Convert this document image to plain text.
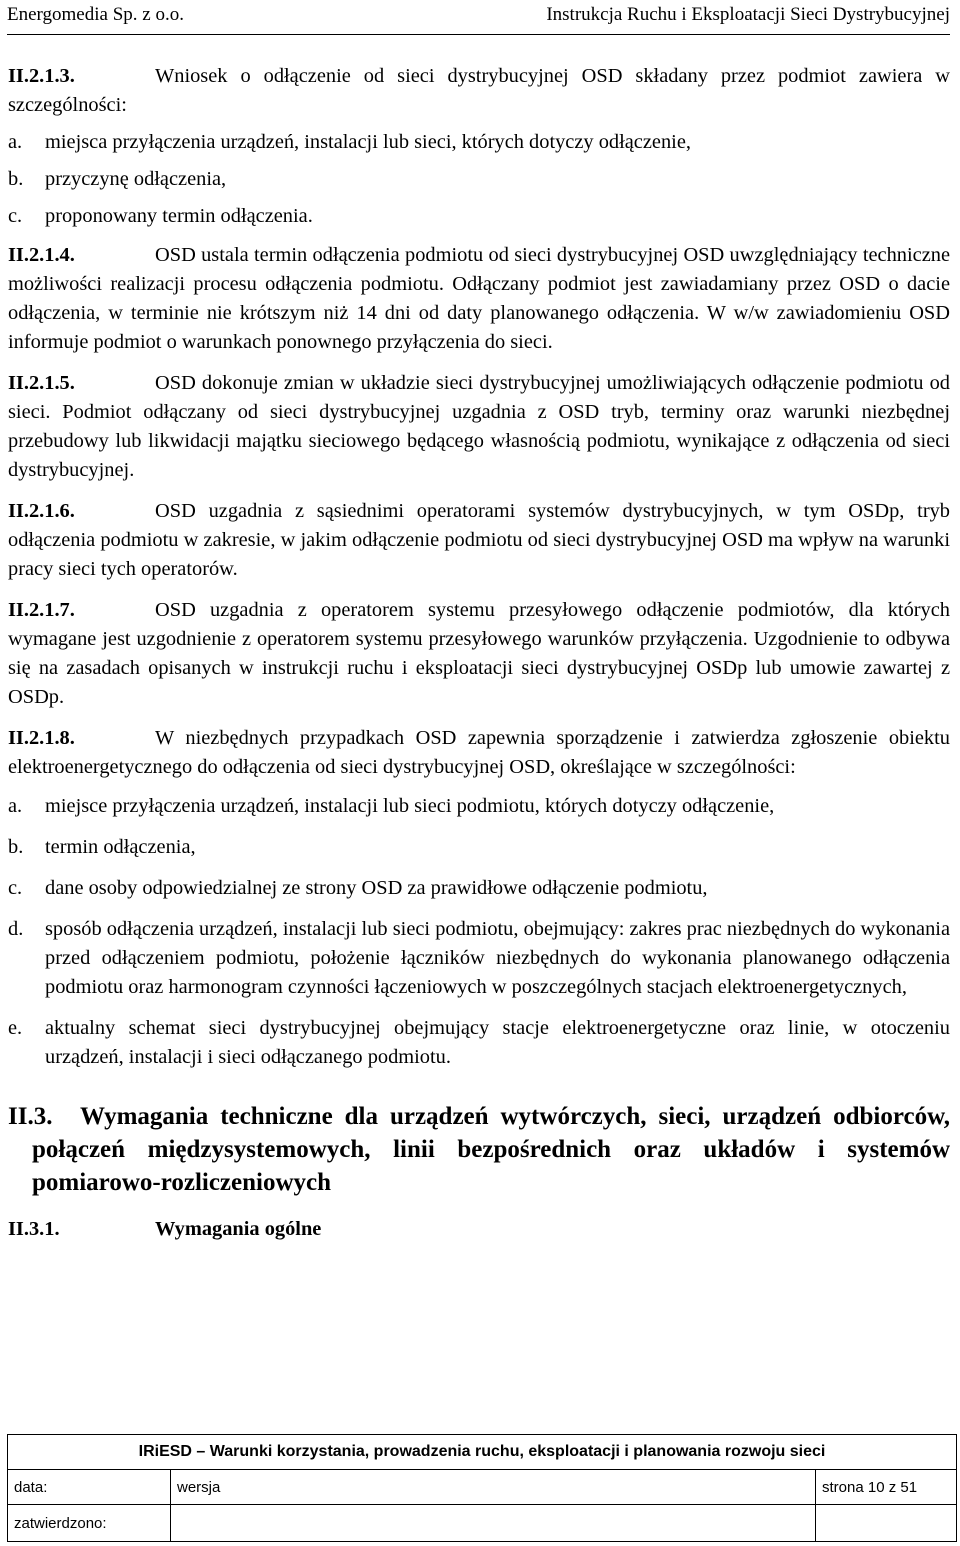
Energomedia Sp. z o.o.	Instrukcja Ruchu i Eksploatacji Sieci Dystrybucyjnej
II.2.1.3.	Wniosek o odłączenie od sieci dystrybucyjnej OSD składany przez podmiot zawiera w szczególności:
a. miejsca przyłączenia urządzeń, instalacji lub sieci, których dotyczy odłączenie,
b. przyczynę odłączenia,
c. proponowany termin odłączenia.
II.2.1.4.	OSD ustala termin odłączenia podmiotu od sieci dystrybucyjnej OSD uwzględniający techniczne możliwości realizacji procesu odłączenia podmiotu. Odłączany podmiot jest zawiadamiany przez OSD o dacie odłączenia, w terminie nie krótszym niż 14 dni od daty planowanego odłączenia. W w/w zawiadomieniu OSD informuje podmiot o warunkach ponownego przyłączenia do sieci.
II.2.1.5.	OSD dokonuje zmian w układzie sieci dystrybucyjnej umożliwiających odłączenie podmiotu od sieci. Podmiot odłączany od sieci dystrybucyjnej uzgadnia z OSD tryb, terminy oraz warunki niezbędnej przebudowy lub likwidacji majątku sieciowego będącego własnością podmiotu, wynikające z odłączenia od sieci dystrybucyjnej.
II.2.1.6.	OSD uzgadnia z sąsiednimi operatorami systemów dystrybucyjnych, w tym OSDp, tryb odłączenia podmiotu w zakresie, w jakim odłączenie podmiotu od sieci dystrybucyjnej OSD ma wpływ na warunki pracy sieci tych operatorów.
II.2.1.7.	OSD uzgadnia z operatorem systemu przesyłowego odłączenie podmiotów, dla których wymagane jest uzgodnienie z operatorem systemu przesyłowego warunków przyłączenia. Uzgodnienie to odbywa się na zasadach opisanych w instrukcji ruchu i eksploatacji sieci dystrybucyjnej OSDp lub umowie zawartej z OSDp.
II.2.1.8.	W niezbędnych przypadkach OSD zapewnia sporządzenie i zatwierdza zgłoszenie obiektu elektroenergetycznego do odłączenia od sieci dystrybucyjnej OSD, określające w szczególności:
a. miejsce przyłączenia urządzeń, instalacji lub sieci podmiotu, których dotyczy odłączenie,
b. termin odłączenia,
c. dane osoby odpowiedzialnej ze strony OSD za prawidłowe odłączenie podmiotu,
d. sposób odłączenia urządzeń, instalacji lub sieci podmiotu, obejmujący: zakres prac niezbędnych do wykonania przed odłączeniem podmiotu, położenie łączników niezbędnych do wykonania planowanego odłączenia podmiotu oraz harmonogram czynności łączeniowych w poszczególnych stacjach elektroenergetycznych,
e. aktualny schemat sieci dystrybucyjnej obejmujący stacje elektroenergetyczne oraz linie, w otoczeniu urządzeń, instalacji i sieci odłączanego podmiotu.
II.3. Wymagania techniczne dla urządzeń wytwórczych, sieci, urządzeń odbiorców, połączeń międzysystemowych, linii bezpośrednich oraz układów i systemów pomiarowo-rozliczeniowych
II.3.1.	Wymagania ogólne
IRiESD – Warunki korzystania, prowadzenia ruchu, eksploatacji i planowania rozwoju sieci		
data:	wersja	strona 10 z 51
zatwierdzono:		
